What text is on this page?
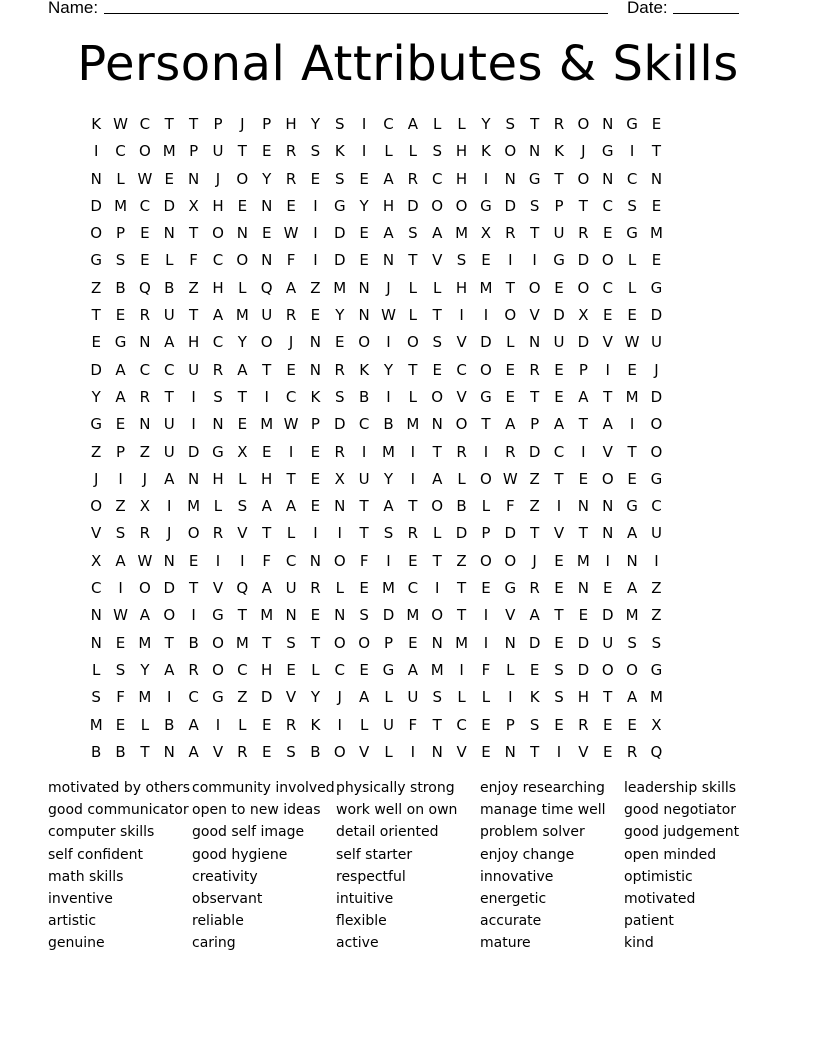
Name:	Date:
Personal Attributes & Skills
K W C T	T	P	J	P H Y	S	I	C A	L	L	Y	S	T R O N G E
I	C O M P U T	E R S K	I	L	L	S H K O N K	J	G	I	T
N L W E N	J	O Y R E S E A R C H	I	N G T O N C N
D M C D X H E N E	I	G Y H D O O G D S	P	T C S E
O P	E N T O N E W I	D E A S A M X R T U R E G M
G S E	L	F C O N F	I	D E N T V S E	I	I	G D O L	E
Z B Q B Z H L Q A Z M N	J	L	L H M T O E O C L G
T	E R U T A M U R E	Y N W L	T	I	I	O V D X E E D
E G N A H C Y O	J	N E O	I	O S V D L N U D V W U
D A C C U R A T	E N R K Y	T	E C O E R E	P	I	E	J
Y A R T	I	S	T	I	C K S B	I	L O V G E	T	E A T M D
G E N U	I	N E M W P D C B M N O T A P A T A	I	O
Z P Z U D G X E	I	E R	I	M	I	T R	I	R D C	I	V T O
J	I	J	A N H L H T	E X U Y	I	A	L O W Z T	E O E G
O Z X	I	M L	S A A E N T A T O B	L	F Z	I	N N G C
V S R	J	O R V T	L	I	I	T	S R L D P D T V T N A U
X A W N E	I	I	F C N O F	I	E	T Z O O	J	E M	I	N	I
C	I	O D T V Q A U R L	E M C	I	T	E G R E N E A Z
N W A O	I	G T M N E N S D M O T	I	V A T	E D M Z
N E M T B O M T	S	T O O P	E N M	I	N D E D U S S
L	S	Y A R O C H E	L C E G A M	I	F	L	E S D O O G
S	F M	I	C G Z D V Y	J	A	L U S	L	L	I	K S H T A M
M E	L	B A	I	L	E R K	I	L U F	T C E	P	S E R E E X
B B T N A V R E S B O V	L	I	N V E N T	I	V E R Q
motivated by others
good communicator
computer skills
self confident
math skills
inventive
artistic
genuine
community involved
open to new ideas
good self image
good hygiene
creativity
observant
reliable
caring
physically strong
work well on own
detail oriented
self starter
respectful
intuitive
flexible
active
enjoy researching
manage time well
problem solver
enjoy change
innovative
energetic
accurate
mature
leadership skills
good negotiator
good judgement
open minded
optimistic
motivated
patient
kind
